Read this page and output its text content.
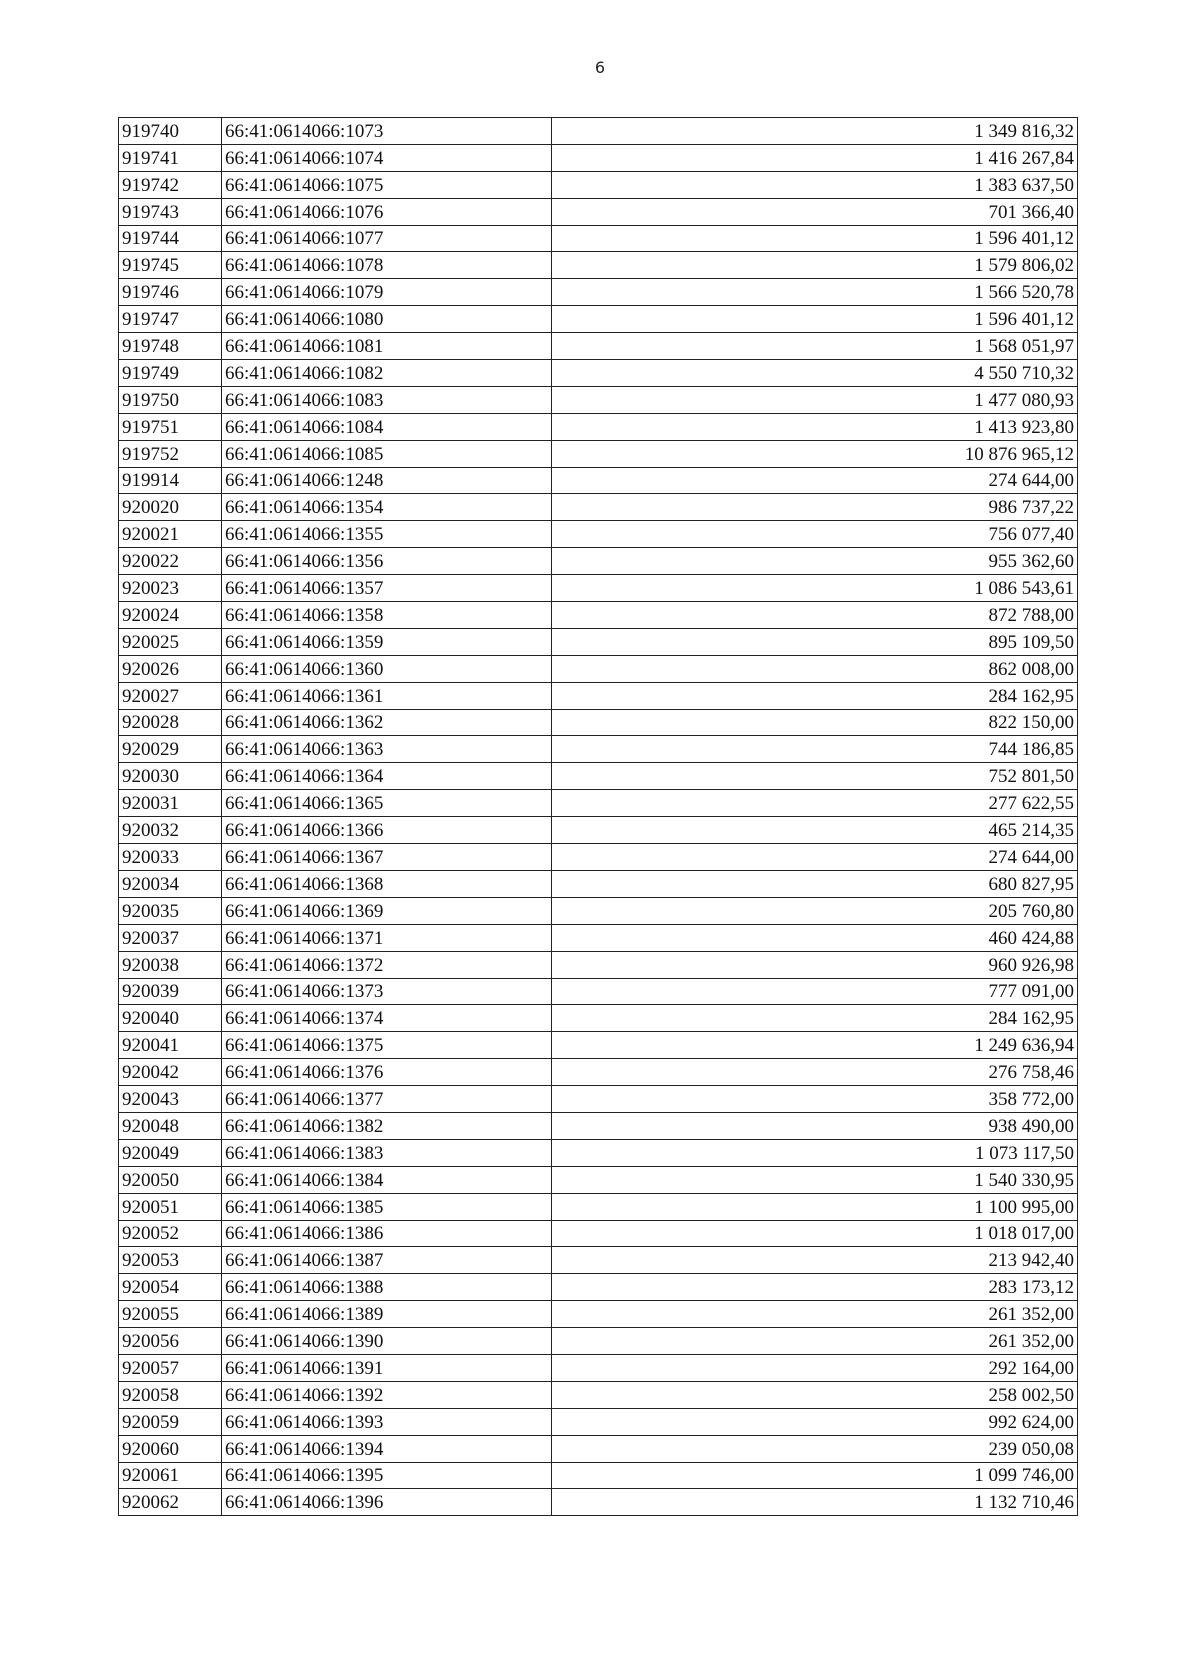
6
919740	66:41:0614066:1073		1 349 816,32
919741	66:41:0614066:1074		1 416 267,84
919742	66:41:0614066:1075		1 383 637,50
919743	66:41:0614066:1076		701 366,40
919744	66:41:0614066:1077		1 596 401,12
919745	66:41:0614066:1078		1 579 806,02
919746	66:41:0614066:1079		1 566 520,78
919747	66:41:0614066:1080		1 596 401,12
919748	66:41:0614066:1081		1 568 051,97
919749	66:41:0614066:1082		4 550 710,32
919750	66:41:0614066:1083		1 477 080,93
919751	66:41:0614066:1084		1 413 923,80
919752	66:41:0614066:1085		10 876 965,12
919914	66:41:0614066:1248		274 644,00
920020	66:41:0614066:1354		986 737,22
920021	66:41:0614066:1355		756 077,40
920022	66:41:0614066:1356		955 362,60
920023	66:41:0614066:1357		1 086 543,61
920024	66:41:0614066:1358		872 788,00
920025	66:41:0614066:1359		895 109,50
920026	66:41:0614066:1360		862 008,00
920027	66:41:0614066:1361		284 162,95
920028	66:41:0614066:1362		822 150,00
920029	66:41:0614066:1363		744 186,85
920030	66:41:0614066:1364		752 801,50
920031	66:41:0614066:1365		277 622,55
920032	66:41:0614066:1366		465 214,35
920033	66:41:0614066:1367		274 644,00
920034	66:41:0614066:1368		680 827,95
920035	66:41:0614066:1369		205 760,80
920037	66:41:0614066:1371		460 424,88
920038	66:41:0614066:1372		960 926,98
920039	66:41:0614066:1373		777 091,00
920040	66:41:0614066:1374		284 162,95
920041	66:41:0614066:1375		1 249 636,94
920042	66:41:0614066:1376		276 758,46
920043	66:41:0614066:1377		358 772,00
920048	66:41:0614066:1382		938 490,00
920049	66:41:0614066:1383		1 073 117,50
920050	66:41:0614066:1384		1 540 330,95
920051	66:41:0614066:1385		1 100 995,00
920052	66:41:0614066:1386		1 018 017,00
920053	66:41:0614066:1387		213 942,40
920054	66:41:0614066:1388		283 173,12
920055	66:41:0614066:1389		261 352,00
920056	66:41:0614066:1390		261 352,00
920057	66:41:0614066:1391		292 164,00
920058	66:41:0614066:1392		258 002,50
920059	66:41:0614066:1393		992 624,00
920060	66:41:0614066:1394		239 050,08
920061	66:41:0614066:1395		1 099 746,00
920062	66:41:0614066:1396		1 132 710,46
